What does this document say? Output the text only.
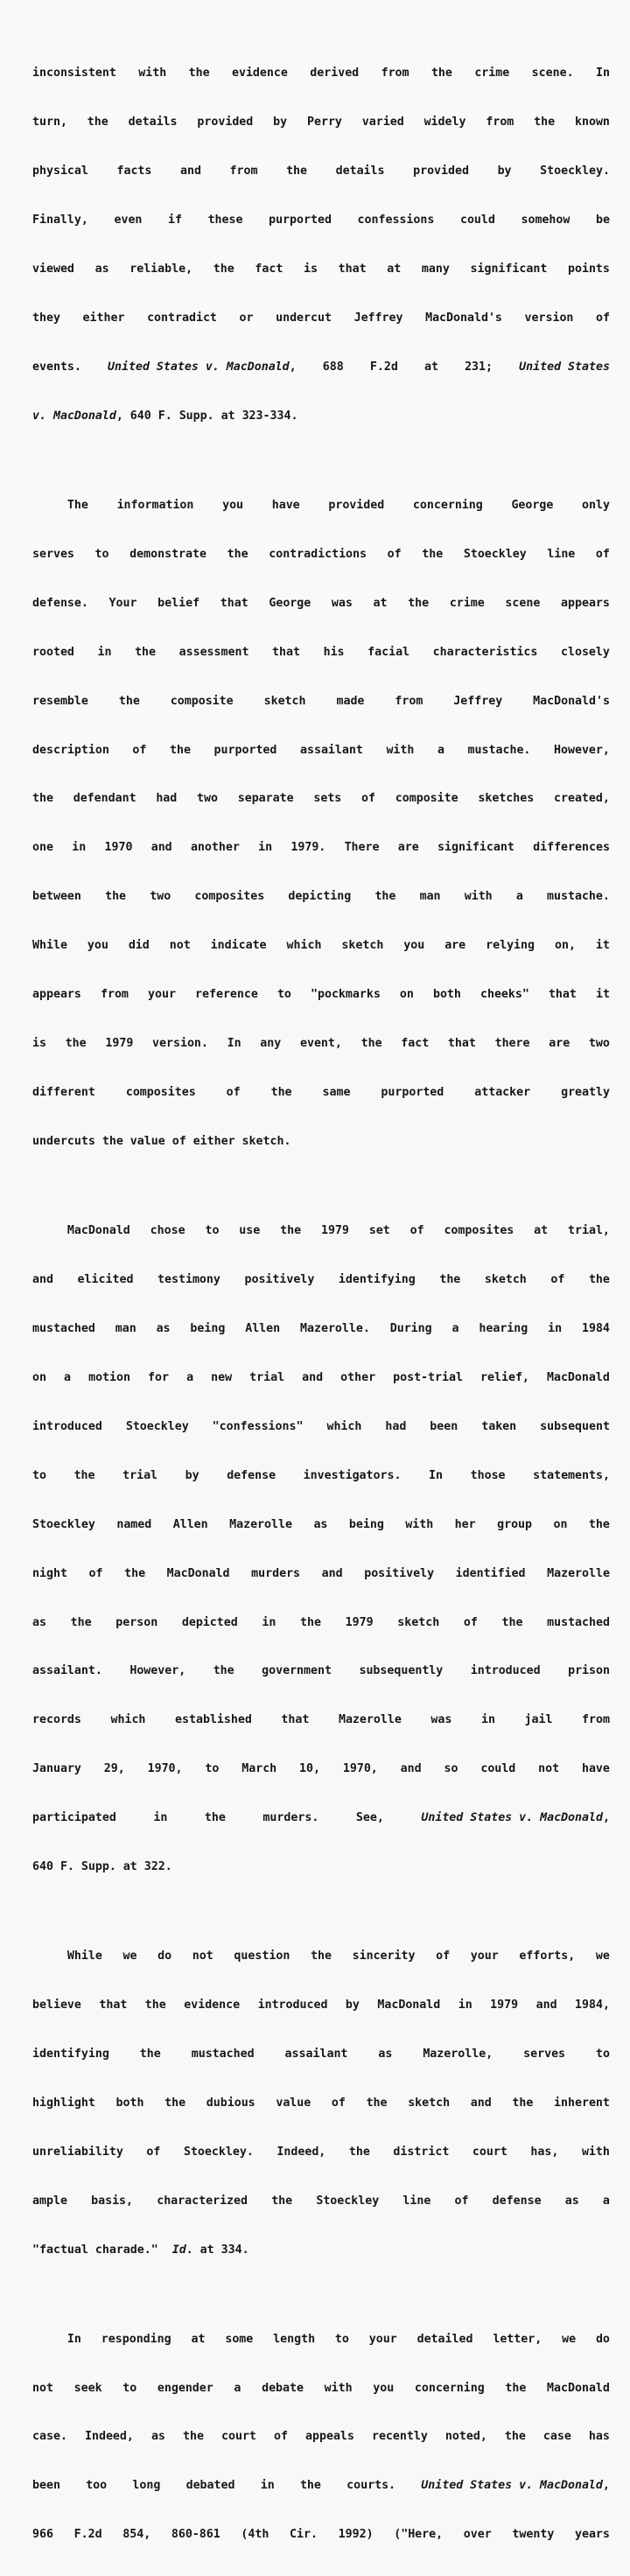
inconsistent with the evidence derived from the crime scene. In

turn, the details provided by Perry varied widely from the known

physical facts and from the details provided by Stoeckley.

Finally, even if these purported confessions could somehow be

viewed as reliable, the fact is that at many significant points

they either contradict or undercut Jeffrey MacDonald's version of

events. United States v. MacDonald, 688 F.2d at 231; United States

v. MacDonald, 640 F. Supp. at 323-334.

The information you have provided concerning George only

serves to demonstrate the contradictions of the Stoeckley line of

defense. Your belief that George was at the crime scene appears

rooted in the assessment that his facial characteristics closely

resemble	the	composite	sketch	made	from	Jeffrey	MacDonald's

description of the purported assailant with a mustache. However,

the defendant had two separate sets of composite sketches created,

one in 1970 and another in 1979. There are significant differences

between the two composites depicting the man with a mustache.

While you did not indicate which sketch you are relying on, it

appears from your reference to "pockmarks on both cheeks" that it

is the 1979 version. In any event, the fact that there are two

different	composites	of	the	same	purported	attacker	greatly

undercuts the value of either sketch.

MacDonald chose to use the 1979 set of composites at trial,

and elicited testimony positively identifying the sketch of the

mustached man as being Allen Mazerolle. During a hearing in 1984

on a motion for a new trial and other post-trial relief, MacDonald

introduced Stoeckley "confessions" which had been taken subsequent

to the trial by defense investigators. In those statements,

Stoeckley named Allen Mazerolle as being with her group on the

night of the MacDonald murders and positively identified Mazerolle

as the person depicted in the 1979 sketch of the mustached

assailant. However, the government subsequently introduced prison

records	which	established	that	Mazerolle	was	in	jail	from

January 29, 1970, to March 10, 1970, and so could not have

participated	in	the	murders.	See,	United States v. MacDonald,

640 F. Supp. at 322.

While we do not question the sincerity of your efforts, we

believe that the evidence introduced by MacDonald in 1979 and 1984,

identifying	the	mustached	assailant	as	Mazerolle,	serves	to

highlight both the dubious value of the sketch and the inherent

unreliability of Stoeckley. Indeed, the district court has, with

ample basis, characterized the Stoeckley line of defense as a

"factual charade."  Id. at 334.

In responding at some length to your detailed letter, we do

not seek to engender a debate with you concerning the MacDonald

case. Indeed, as the court of appeals recently noted, the case has

been too long debated in the courts. United States v. MacDonald,

966 F.2d 854, 860-861 (4th Cir. 1992) ("Here, over twenty years
